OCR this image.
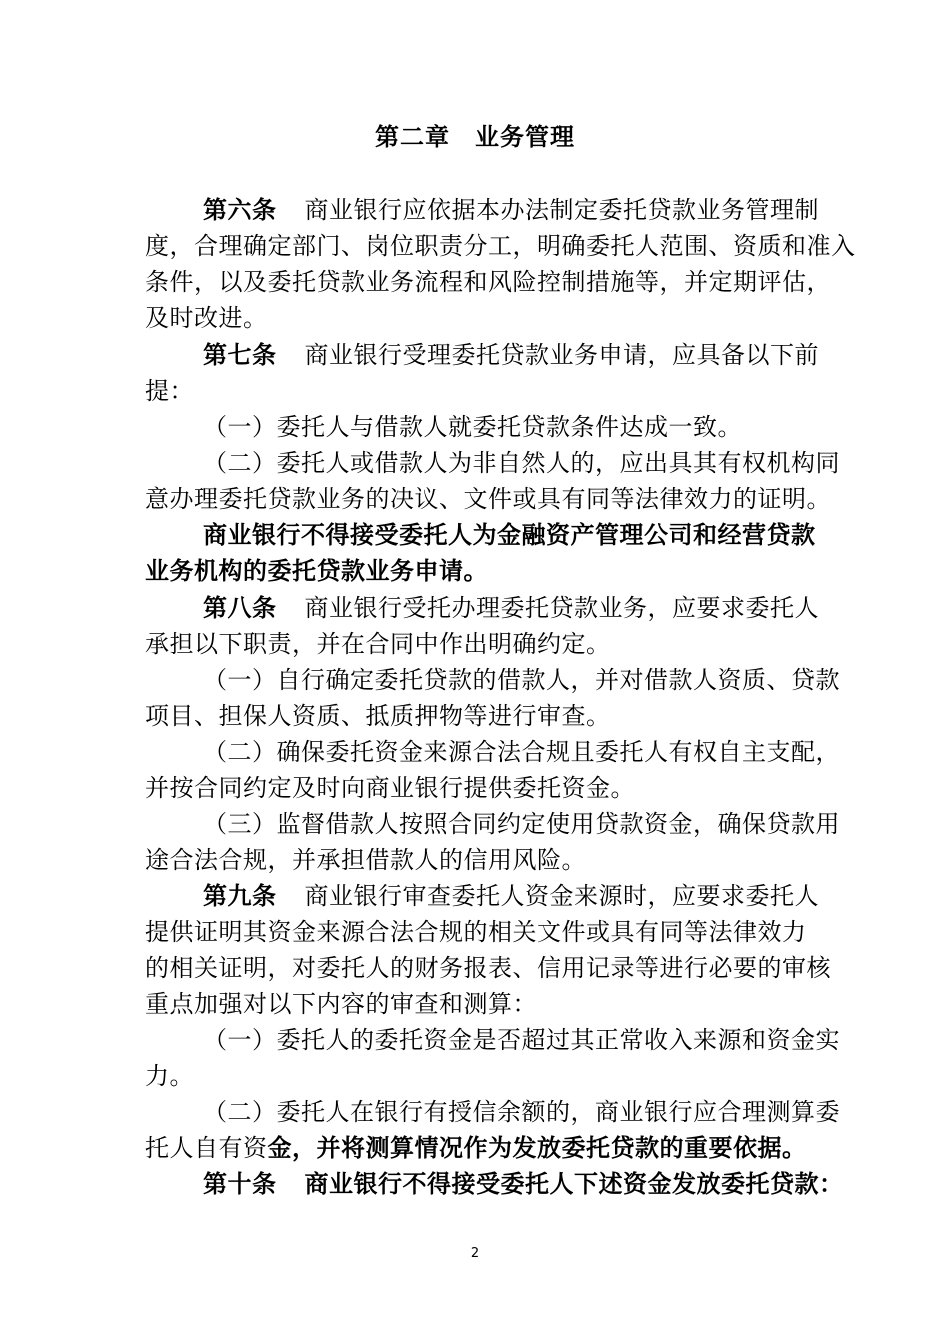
第二章　业务管理
第六条 商业银行应依据本办法制定委托贷款业务管理制
度，合理确定部门、岗位职责分工，明确委托人范围、资质和准入
条件，以及委托贷款业务流程和风险控制措施等，并定期评估，
及时改进。
第七条 商业银行受理委托贷款业务申请，应具备以下前
提：
（一）委托人与借款人就委托贷款条件达成一致。
（二）委托人或借款人为非自然人的，应出具其有权机构同
意办理委托贷款业务的决议、文件或具有同等法律效力的证明。
商业银行不得接受委托人为金融资产管理公司和经营贷款
业务机构的委托贷款业务申请。
第八条 商业银行受托办理委托贷款业务，应要求委托人
承担以下职责，并在合同中作出明确约定。
（一）自行确定委托贷款的借款人，并对借款人资质、贷款
项目、担保人资质、抵质押物等进行审查。
（二）确保委托资金来源合法合规且委托人有权自主支配，
并按合同约定及时向商业银行提供委托资金。
（三）监督借款人按照合同约定使用贷款资金，确保贷款用
途合法合规，并承担借款人的信用风险。
第九条 商业银行审查委托人资金来源时，应要求委托人
提供证明其资金来源合法合规的相关文件或具有同等法律效力
的相关证明，对委托人的财务报表、信用记录等进行必要的审核
重点加强对以下内容的审查和测算：
（一）委托人的委托资金是否超过其正常收入来源和资金实
力。
（二）委托人在银行有授信余额的，商业银行应合理测算委
托人自有资金，并将测算情况作为发放委托贷款的重要依据。
第十条 商业银行不得接受委托人下述资金发放委托贷款：
2
